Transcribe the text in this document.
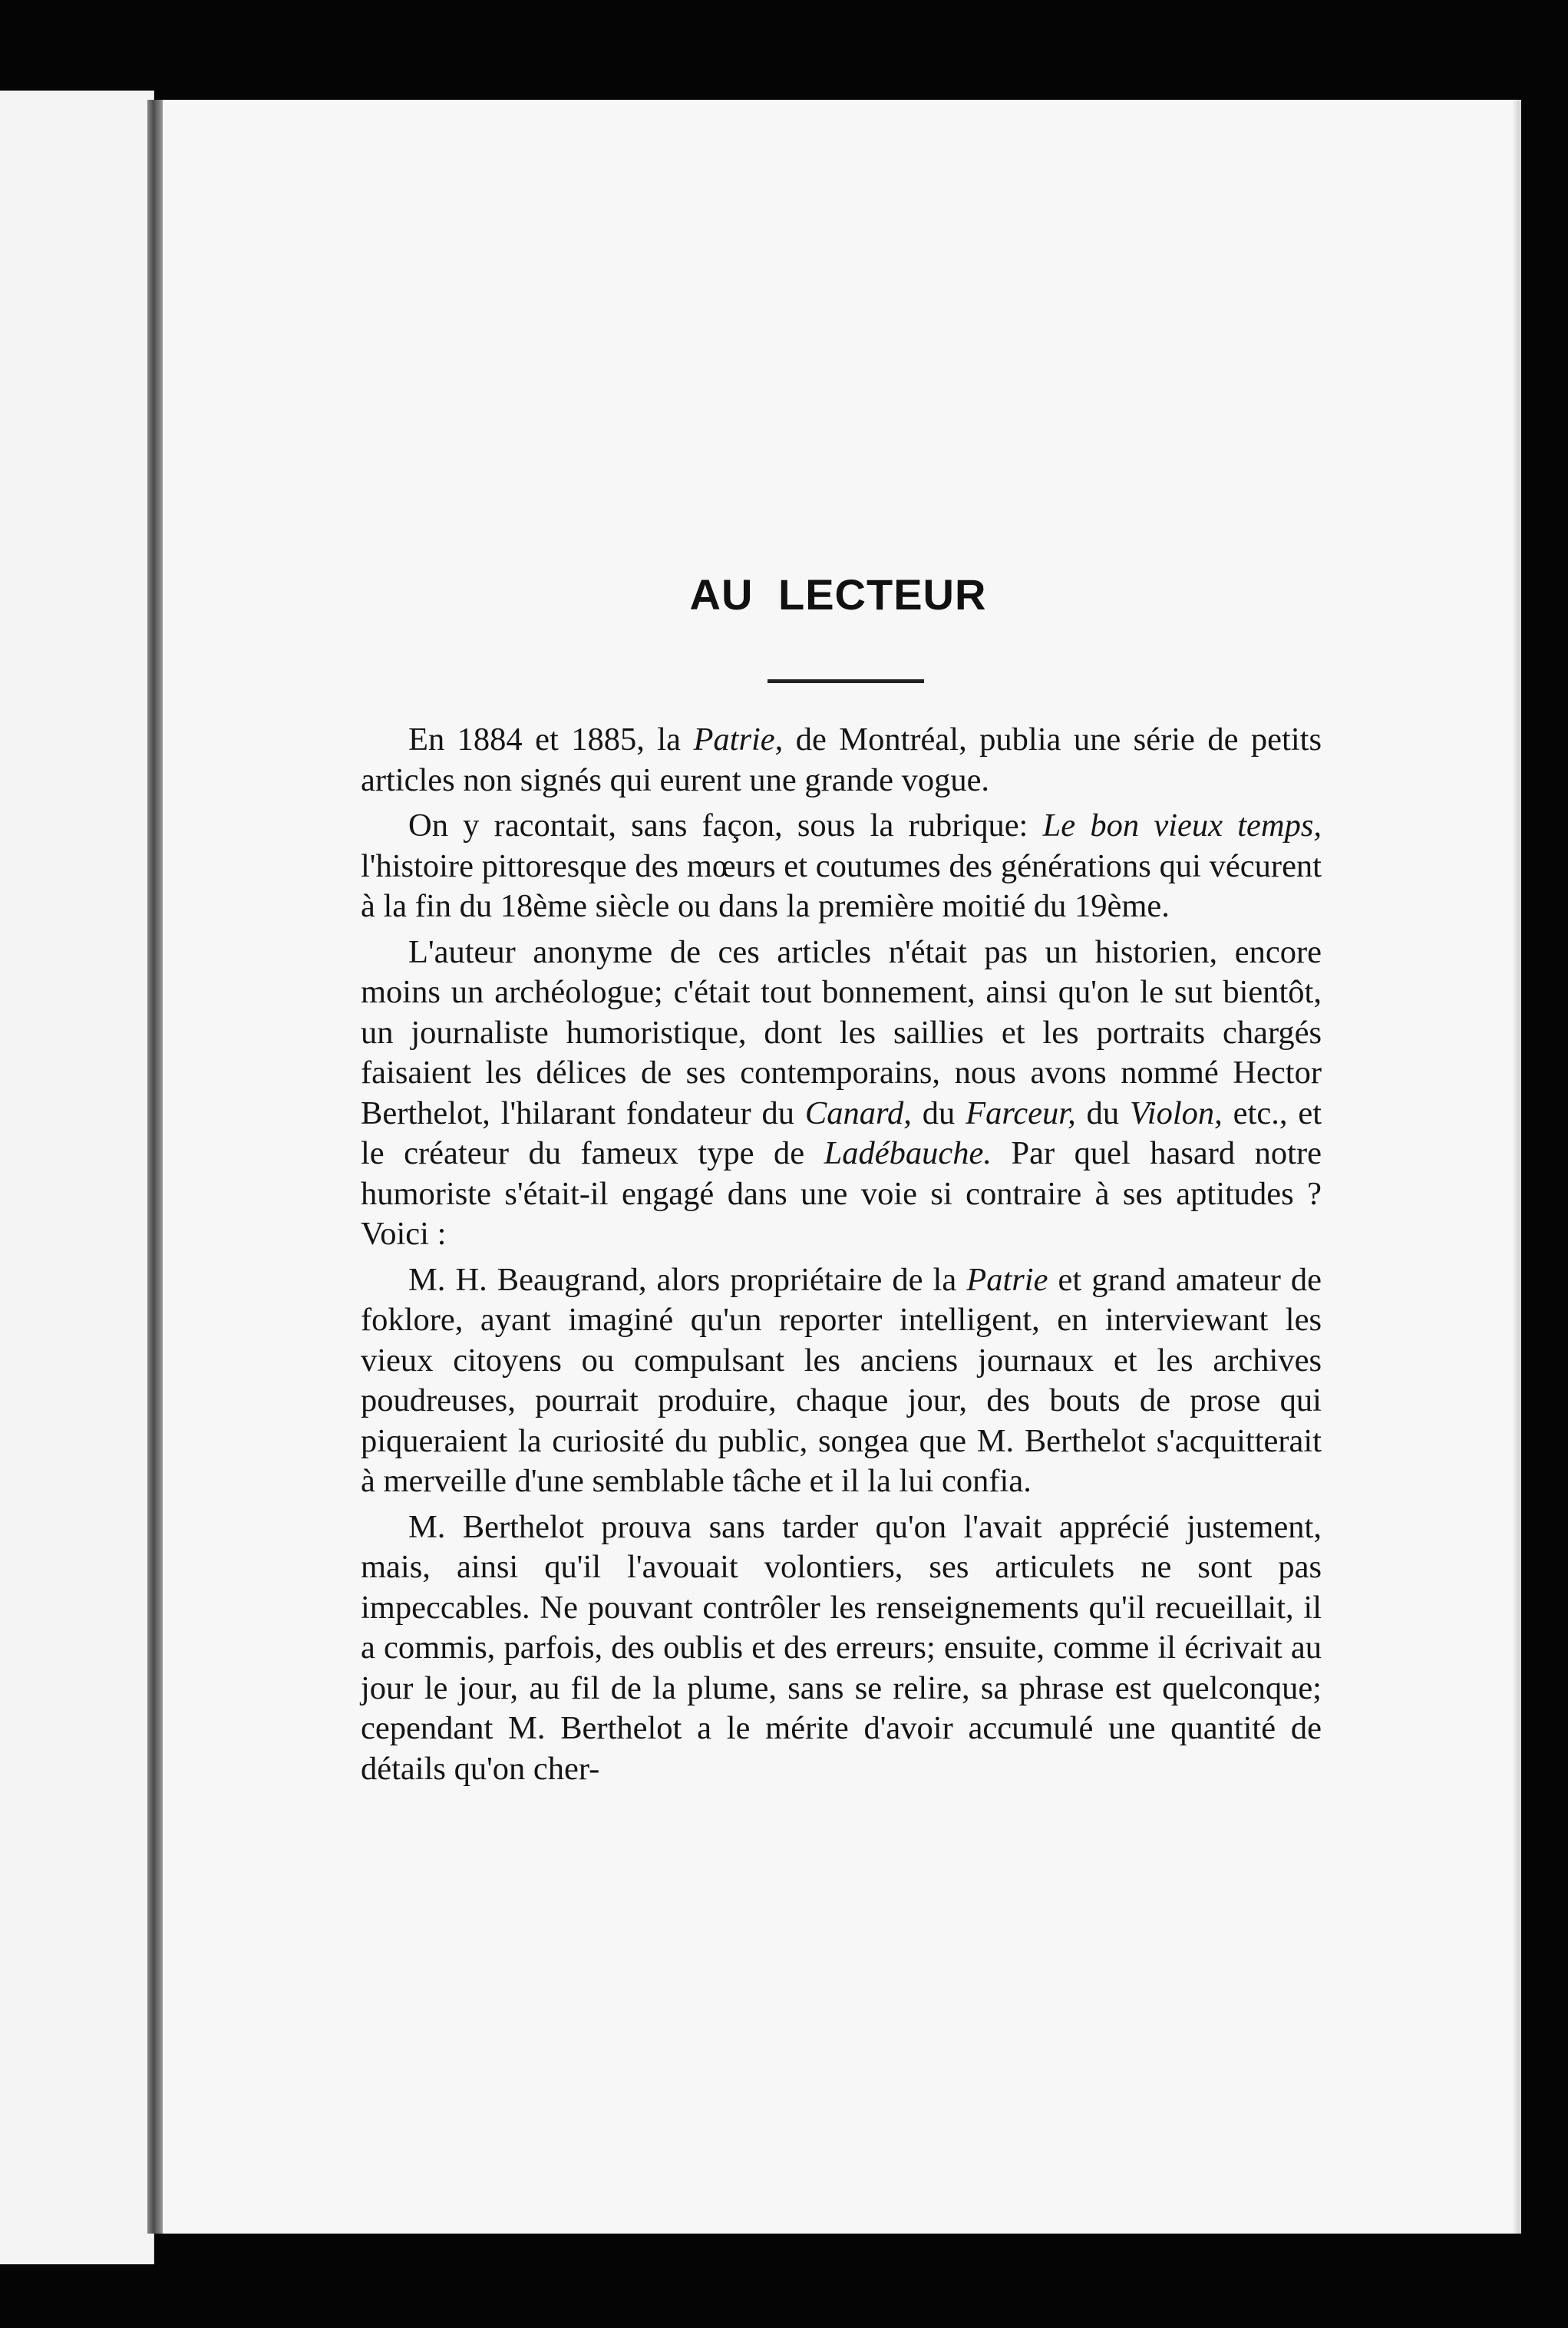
AU LECTEUR

En 1884 et 1885, la Patrie, de Montréal, publia une série de petits articles non signés qui eurent une grande vogue.

On y racontait, sans façon, sous la rubrique: Le bon vieux temps, l'histoire pittoresque des mœurs et coutumes des générations qui vécurent à la fin du 18ème siècle ou dans la première moitié du 19ème.

L'auteur anonyme de ces articles n'était pas un historien, encore moins un archéologue; c'était tout bonnement, ainsi qu'on le sut bientôt, un journaliste humoristique, dont les saillies et les portraits chargés faisaient les délices de ses contemporains, nous avons nommé Hector Berthelot, l'hilarant fondateur du Canard, du Farceur, du Violon, etc., et le créateur du fameux type de Ladébauche. Par quel hasard notre humoriste s'était-il engagé dans une voie si contraire à ses aptitudes ? Voici :

M. H. Beaugrand, alors propriétaire de la Patrie et grand amateur de foklore, ayant imaginé qu'un reporter intelligent, en interviewant les vieux citoyens ou compulsant les anciens journaux et les archives poudreuses, pourrait produire, chaque jour, des bouts de prose qui piqueraient la curiosité du public, songea que M. Berthelot s'acquitterait à merveille d'une semblable tâche et il la lui confia.

M. Berthelot prouva sans tarder qu'on l'avait apprécié justement, mais, ainsi qu'il l'avouait volontiers, ses articulets ne sont pas impeccables. Ne pouvant contrôler les renseignements qu'il recueillait, il a commis, parfois, des oublis et des erreurs; ensuite, comme il écrivait au jour le jour, au fil de la plume, sans se relire, sa phrase est quelconque; cependant M. Berthelot a le mérite d'avoir accumulé une quantité de détails qu'on cher-
